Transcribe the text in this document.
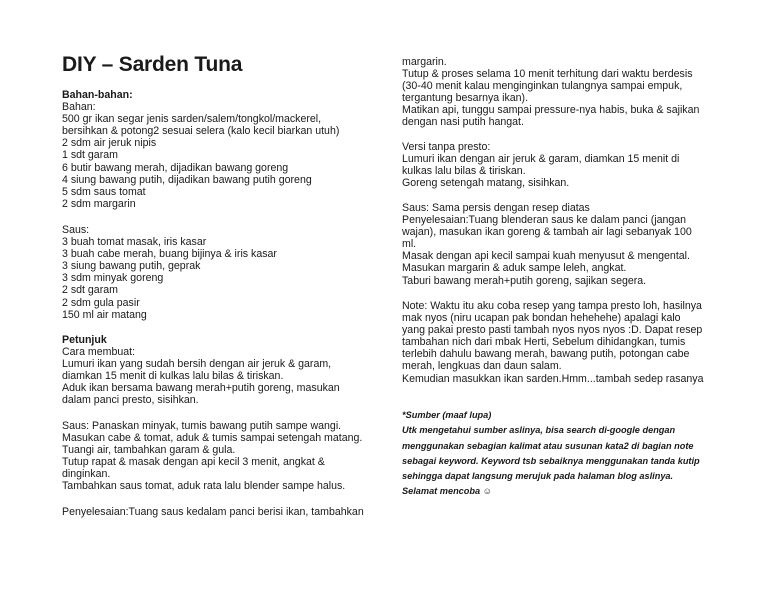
DIY – Sarden Tuna

Bahan-bahan:

Bahan:

500 gr ikan segar jenis sarden/salem/tongkol/mackerel,

bersihkan & potong2 sesuai selera (kalo kecil biarkan utuh)

2 sdm air jeruk nipis

1 sdt garam

6 butir bawang merah, dijadikan bawang goreng

4 siung bawang putih, dijadikan bawang putih goreng

5 sdm saus tomat

2 sdm margarin

Saus:

3 buah tomat masak, iris kasar

3 buah cabe merah, buang bijinya & iris kasar

3 siung bawang putih, geprak

3 sdm minyak goreng

2 sdt garam

2 sdm gula pasir

150 ml air matang

Petunjuk

Cara membuat:

Lumuri ikan yang sudah bersih dengan air jeruk & garam,

diamkan 15 menit di kulkas lalu bilas & tiriskan.

Aduk ikan bersama bawang merah+putih goreng, masukan

dalam panci presto, sisihkan.

Saus: Panaskan minyak, tumis bawang putih sampe wangi.

Masukan cabe & tomat, aduk & tumis sampai setengah matang.

Tuangi air, tambahkan garam & gula.

Tutup rapat & masak dengan api kecil 3 menit, angkat &

dinginkan.

Tambahkan saus tomat, aduk rata lalu blender sampe halus.

Penyelesaian:Tuang saus kedalam panci berisi ikan, tambahkan

margarin.

Tutup & proses selama 10 menit terhitung dari waktu berdesis

(30-40 menit kalau menginginkan tulangnya sampai empuk,

tergantung besarnya ikan).

Matikan api, tunggu sampai pressure-nya habis, buka & sajikan

dengan nasi putih hangat.

Versi tanpa presto:

Lumuri ikan dengan air jeruk & garam, diamkan 15 menit di

kulkas lalu bilas & tiriskan.

Goreng setengah matang, sisihkan.

Saus: Sama persis dengan resep diatas

Penyelesaian:Tuang blenderan saus ke dalam panci (jangan

wajan), masukan ikan goreng & tambah air lagi sebanyak 100

ml.

Masak dengan api kecil sampai kuah menyusut & mengental.

Masukan margarin & aduk sampe leleh, angkat.

Taburi bawang merah+putih goreng, sajikan segera.

Note: Waktu itu aku coba resep yang tampa presto loh, hasilnya

mak nyos (niru ucapan pak bondan hehehehe) apalagi kalo

yang pakai presto pasti tambah nyos nyos nyos :D. Dapat resep

tambahan nich dari mbak Herti, Sebelum dihidangkan, tumis

terlebih dahulu bawang merah, bawang putih, potongan cabe

merah, lengkuas dan daun salam.

Kemudian masukkan ikan sarden.Hmm...tambah sedep rasanya

*Sumber (maaf lupa)

Utk mengetahui sumber aslinya, bisa search di-google dengan

menggunakan sebagian kalimat atau susunan kata2 di bagian note

sebagai keyword. Keyword tsb sebaiknya menggunakan tanda kutip

sehingga dapat langsung merujuk pada halaman blog aslinya.

Selamat mencoba ☺
